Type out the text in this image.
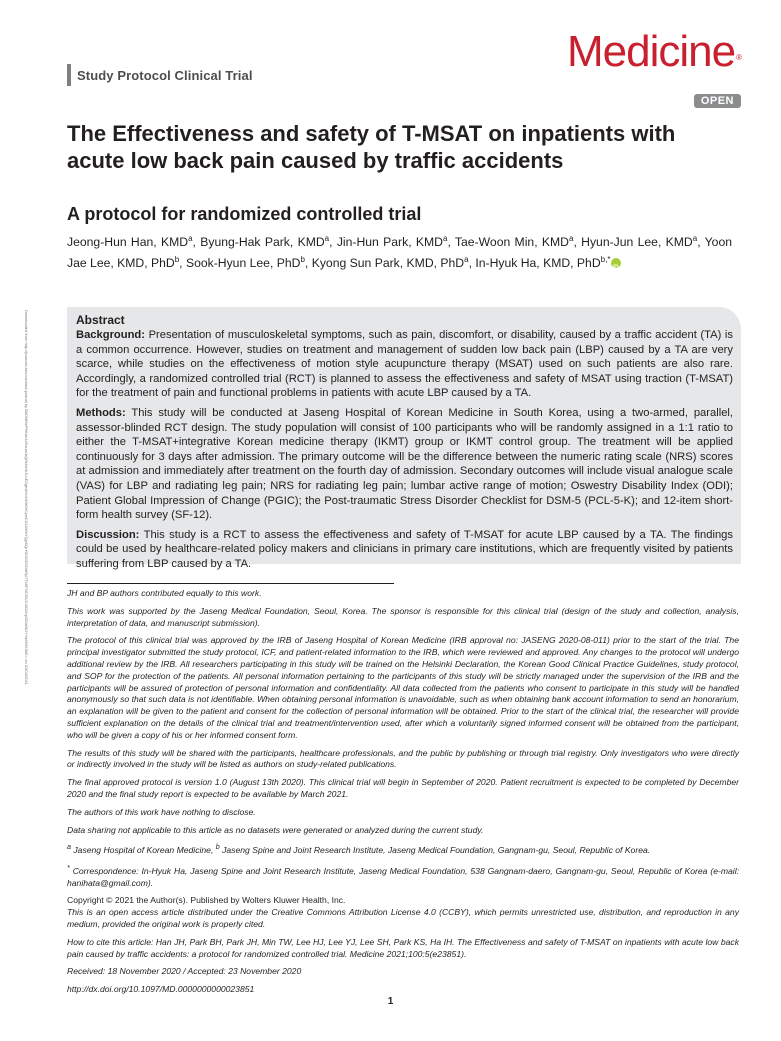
Downloaded from http://journals.lww.com/md-journal by BhDMf5ePHKav1zEoum1tQfN4a+kJLhEZgbsIHo4XMi0hCywCX1AWnYQp/IlQrHD3i3D0OdRyi7TvSFl4Cf3VC4/OAVpDDa8K2+Ya6H515kE= on 03/04/2021
Study Protocol Clinical Trial	Medicine®
OPEN
The Effectiveness and safety of T-MSAT on inpatients with acute low back pain caused by traffic accidents
A protocol for randomized controlled trial
Jeong-Hun Han, KMD$^a$, Byung-Hak Park, KMD$^a$, Jin-Hun Park, KMD$^a$, Tae-Woon Min, KMD$^a$, Hyun-Jun Lee, KMD$^a$, Yoon Jae Lee, KMD, PhD$^b$, Sook-Hyun Lee, PhD$^b$, Kyong Sun Park, KMD, PhD$^a$, In-Hyuk Ha, KMD, PhD$^{b,*}$iD
Abstract

Background: Presentation of musculoskeletal symptoms, such as pain, discomfort, or disability, caused by a traffic accident (TA) is a common occurrence. However, studies on treatment and management of sudden low back pain (LBP) caused by a TA are very scarce, while studies on the effectiveness of motion style acupuncture therapy (MSAT) used on such patients are also rare. Accordingly, a randomized controlled trial (RCT) is planned to assess the effectiveness and safety of MSAT using traction (T-MSAT) for the treatment of pain and functional problems in patients with acute LBP caused by a TA.

Methods: This study will be conducted at Jaseng Hospital of Korean Medicine in South Korea, using a two-armed, parallel, assessor-blinded RCT design. The study population will consist of 100 participants who will be randomly assigned in a 1:1 ratio to either the T-MSAT+integrative Korean medicine therapy (IKMT) group or IKMT control group. The treatment will be applied continuously for 3 days after admission. The primary outcome will be the difference between the numeric rating scale (NRS) scores at admission and immediately after treatment on the fourth day of admission. Secondary outcomes will include visual analogue scale (VAS) for LBP and radiating leg pain; NRS for radiating leg pain; lumbar active range of motion; Oswestry Disability Index (ODI); Patient Global Impression of Change (PGIC); the Post-traumatic Stress Disorder Checklist for DSM-5 (PCL-5-K); and 12-item short-form health survey (SF-12).

Discussion: This study is a RCT to assess the effectiveness and safety of T-MSAT for acute LBP caused by a TA. The findings could be used by healthcare-related policy makers and clinicians in primary care institutions, which are frequently visited by patients suffering from LBP caused by a TA.

JH and BP authors contributed equally to this work.

This work was supported by the Jaseng Medical Foundation, Seoul, Korea. The sponsor is responsible for this clinical trial (design of the study and collection, analysis, interpretation of data, and manuscript submission).

The protocol of this clinical trial was approved by the IRB of Jaseng Hospital of Korean Medicine (IRB approval no: JASENG 2020-08-011) prior to the start of the trial. The principal investigator submitted the study protocol, ICF, and patient-related information to the IRB, which were reviewed and approved. Any changes to the protocol will undergo additional review by the IRB. All researchers participating in this study will be trained on the Helsinki Declaration, the Korean Good Clinical Practice Guidelines, study protocol, and SOP for the protection of the patients. All personal information pertaining to the participants of this study will be strictly managed under the supervision of the IRB and the participants will be assured of protection of personal information and confidentiality. All data collected from the patients who consent to participate in this study will be handled anonymously so that such data is not identifiable. When obtaining personal information is unavoidable, such as when obtaining bank account information to send an honorarium, an explanation will be given to the patient and consent for the collection of personal information will be obtained. Prior to the start of the clinical trial, the researcher will provide sufficient explanation on the details of the clinical trial and treatment/intervention used, after which a voluntarily signed informed consent will be obtained from the participant, who will be given a copy of his or her informed consent form.

The results of this study will be shared with the participants, healthcare professionals, and the public by publishing or through trial registry. Only investigators who were directly or indirectly involved in the study will be listed as authors on study-related publications.

The final approved protocol is version 1.0 (August 13th 2020). This clinical trial will begin in September of 2020. Patient recruitment is expected to be completed by December 2020 and the final study report is expected to be available by March 2021.

The authors of this work have nothing to disclose.

Data sharing not applicable to this article as no datasets were generated or analyzed during the current study.

$^a$ Jaseng Hospital of Korean Medicine, $^b$ Jaseng Spine and Joint Research Institute, Jaseng Medical Foundation, Gangnam-gu, Seoul, Republic of Korea.

* Correspondence: In-Hyuk Ha, Jaseng Spine and Joint Research Institute, Jaseng Medical Foundation, 538 Gangnam-daero, Gangnam-gu, Seoul, Republic of Korea (e-mail: hanihata@gmail.com).

Copyright © 2021 the Author(s). Published by Wolters Kluwer Health, Inc.

This is an open access article distributed under the Creative Commons Attribution License 4.0 (CCBY), which permits unrestricted use, distribution, and reproduction in any medium, provided the original work is properly cited.

How to cite this article: Han JH, Park BH, Park JH, Min TW, Lee HJ, Lee YJ, Lee SH, Park KS, Ha IH. The Effectiveness and safety of T-MSAT on inpatients with acute low back pain caused by traffic accidents: a protocol for randomized controlled trial. Medicine 2021;100:5(e23851).

Received: 18 November 2020 / Accepted: 23 November 2020

http://dx.doi.org/10.1097/MD.0000000000023851

1
